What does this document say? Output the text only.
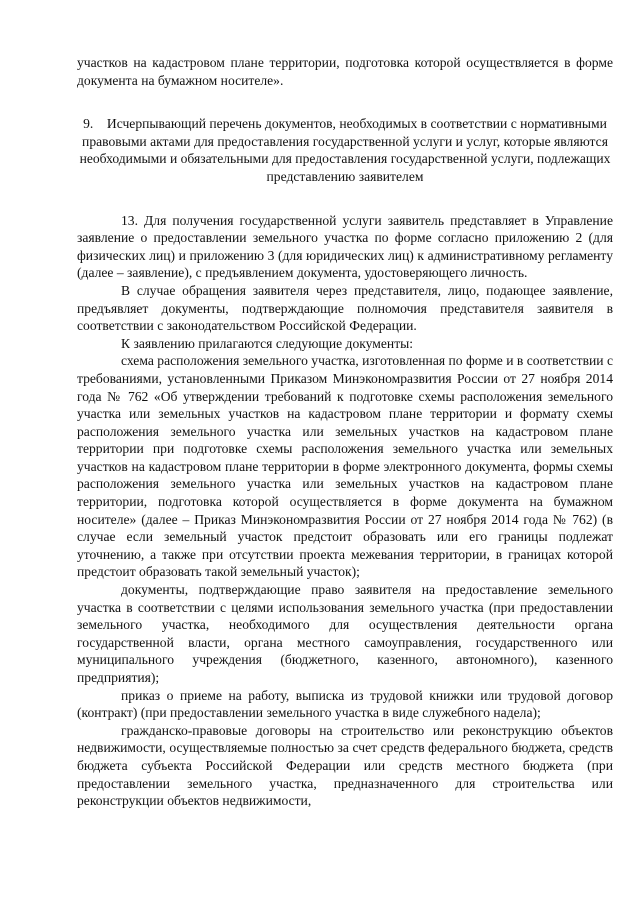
участков на кадастровом плане территории, подготовка которой осуществляется в форме документа на бумажном носителе».

9. Исчерпывающий перечень документов, необходимых в соответствии с нормативными правовыми актами для предоставления государственной услуги и услуг, которые являются необходимыми и обязательными для предоставления государственной услуги, подлежащих представлению заявителем

13. Для получения государственной услуги заявитель представляет в Управление заявление о предоставлении земельного участка по форме согласно приложению 2 (для физических лиц) и приложению 3 (для юридических лиц) к административному регламенту (далее – заявление), с предъявлением документа, удостоверяющего личность.

В случае обращения заявителя через представителя, лицо, подающее заявление, предъявляет документы, подтверждающие полномочия представителя заявителя в соответствии с законодательством Российской Федерации.

К заявлению прилагаются следующие документы:

схема расположения земельного участка, изготовленная по форме и в соответствии с требованиями, установленными Приказом Минэкономразвития России от 27 ноября 2014 года № 762 «Об утверждении требований к подготовке схемы расположения земельного участка или земельных участков на кадастровом плане территории и формату схемы расположения земельного участка или земельных участков на кадастровом плане территории при подготовке схемы расположения земельного участка или земельных участков на кадастровом плане территории в форме электронного документа, формы схемы расположения земельного участка или земельных участков на кадастровом плане территории, подготовка которой осуществляется в форме документа на бумажном носителе» (далее – Приказ Минэкономразвития России от 27 ноября 2014 года № 762) (в случае если земельный участок предстоит образовать или его границы подлежат уточнению, а также при отсутствии проекта межевания территории, в границах которой предстоит образовать такой земельный участок);

документы, подтверждающие право заявителя на предоставление земельного участка в соответствии с целями использования земельного участка (при предоставлении земельного участка, необходимого для осуществления деятельности органа государственной власти, органа местного самоуправления, государственного или муниципального учреждения (бюджетного, казенного, автономного), казенного предприятия);

приказ о приеме на работу, выписка из трудовой книжки или трудовой договор (контракт) (при предоставлении земельного участка в виде служебного надела);

гражданско-правовые договоры на строительство или реконструкцию объектов недвижимости, осуществляемые полностью за счет средств федерального бюджета, средств бюджета субъекта Российской Федерации или средств местного бюджета (при предоставлении земельного участка, предназначенного для строительства или реконструкции объектов недвижимости,
